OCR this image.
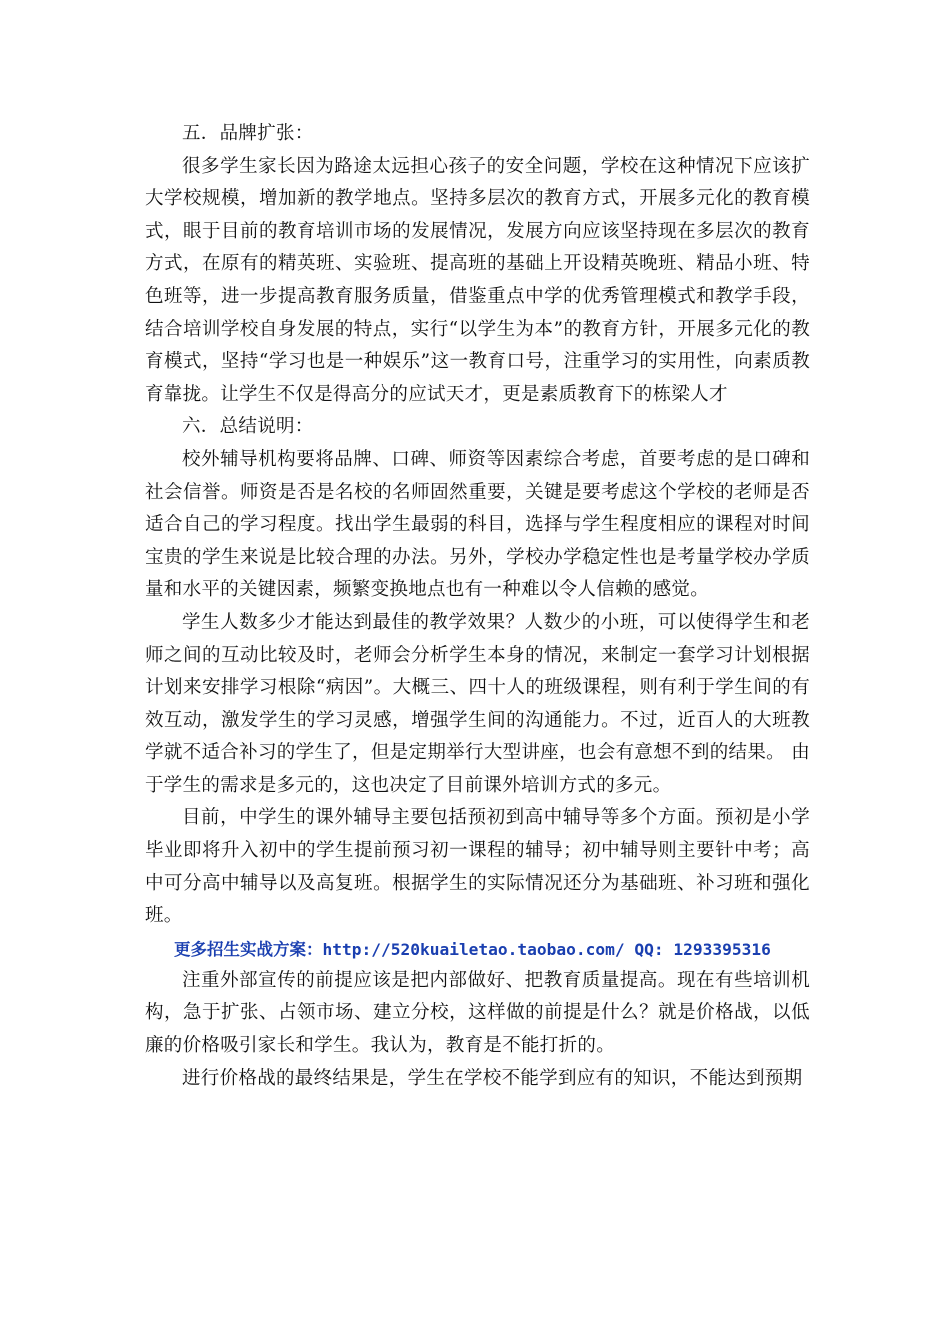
五．品牌扩张：

很多学生家长因为路途太远担心孩子的安全问题，学校在这种情况下应该扩大学校规模，增加新的教学地点。坚持多层次的教育方式，开展多元化的教育模式，眼于目前的教育培训市场的发展情况，发展方向应该坚持现在多层次的教育方式，在原有的精英班、实验班、提高班的基础上开设精英晚班、精品小班、特色班等，进一步提高教育服务质量，借鉴重点中学的优秀管理模式和教学手段，结合培训学校自身发展的特点，实行“以学生为本”的教育方针，开展多元化的教育模式，坚持“学习也是一种娱乐”这一教育口号，注重学习的实用性，向素质教育靠拢。让学生不仅是得高分的应试天才，更是素质教育下的栋梁人才

六．总结说明：

校外辅导机构要将品牌、口碑、师资等因素综合考虑，首要考虑的是口碑和社会信誉。师资是否是名校的名师固然重要，关键是要考虑这个学校的老师是否适合自己的学习程度。找出学生最弱的科目，选择与学生程度相应的课程对时间宝贵的学生来说是比较合理的办法。另外，学校办学稳定性也是考量学校办学质量和水平的关键因素，频繁变换地点也有一种难以令人信赖的感觉。

学生人数多少才能达到最佳的教学效果？人数少的小班，可以使得学生和老师之间的互动比较及时，老师会分析学生本身的情况，来制定一套学习计划根据计划来安排学习根除“病因”。大概三、四十人的班级课程，则有利于学生间的有效互动，激发学生的学习灵感，增强学生间的沟通能力。不过，近百人的大班教学就不适合补习的学生了，但是定期举行大型讲座，也会有意想不到的结果。 由于学生的需求是多元的，这也决定了目前课外培训方式的多元。

目前，中学生的课外辅导主要包括预初到高中辅导等多个方面。预初是小学毕业即将升入初中的学生提前预习初一课程的辅导；初中辅导则主要针中考；高中可分高中辅导以及高复班。根据学生的实际情况还分为基础班、补习班和强化班。

更多招生实战方案：http://520kuailetao.taobao.com/ QQ: 1293395316

注重外部宣传的前提应该是把内部做好、把教育质量提高。现在有些培训机构，急于扩张、占领市场、建立分校，这样做的前提是什么？就是价格战，以低廉的价格吸引家长和学生。我认为，教育是不能打折的。

进行价格战的最终结果是，学生在学校不能学到应有的知识，不能达到预期
